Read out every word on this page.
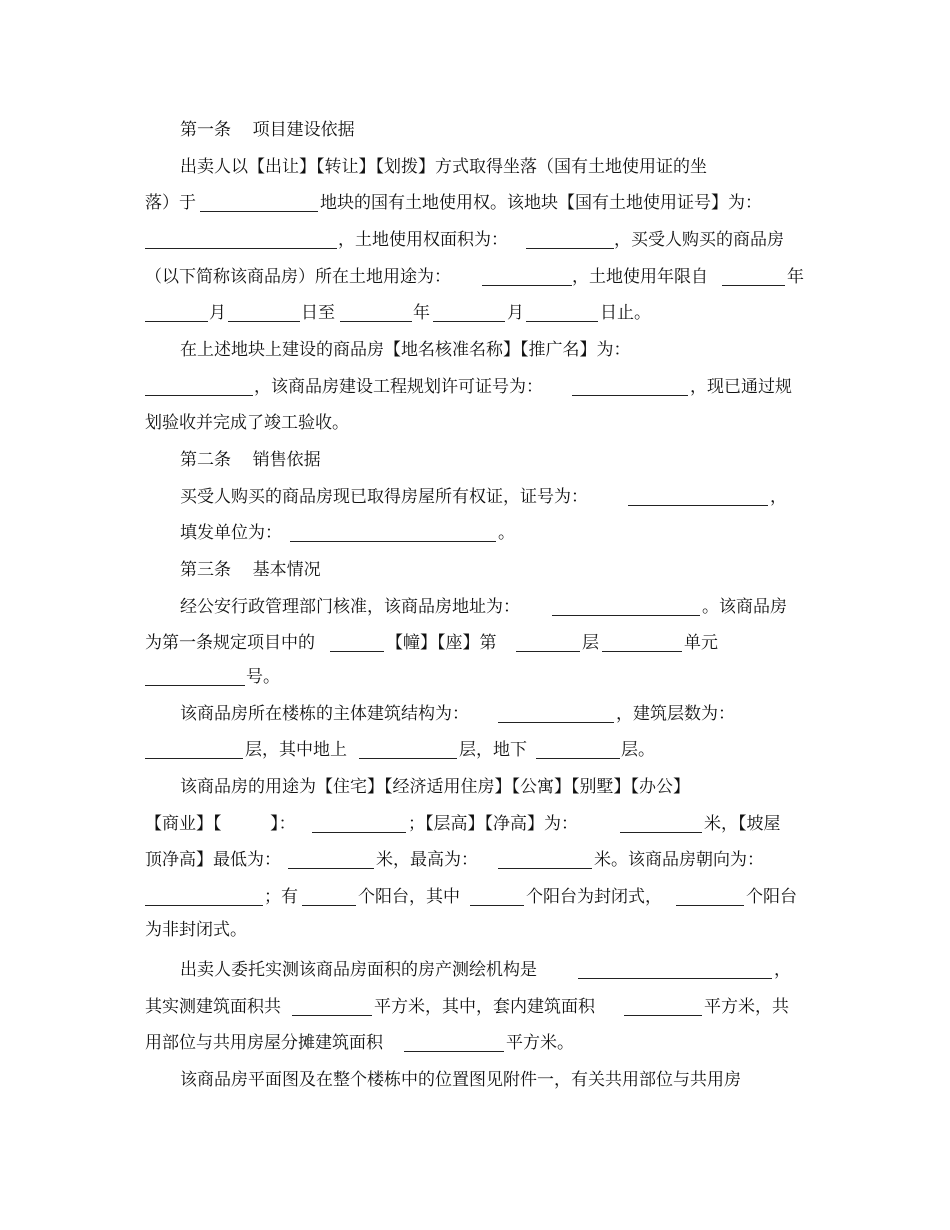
第一条    项目建设依据

出卖人以【出让】【转让】【划拨】方式取得坐落（国有土地使用证的坐

落）于

	地块的国有土地使用权。该地块【国有土地使用证号】为：

，土地使用权面积为：

	，买受人购买的商品房

（以下简称该商品房）所在土地用途为：

	，土地使用年限自

	年

月

	日至

	年

	月

	日止。

在上述地块上建设的商品房【地名核准名称】【推广名】为：

，该商品房建设工程规划许可证号为：

	，现已通过规

划验收并完成了竣工验收。

第二条    销售依据

买受人购买的商品房现已取得房屋所有权证，证号为：

	，

填发单位为：

	。

第三条    基本情况

经公安行政管理部门核准，该商品房地址为：

	。该商品房

为第一条规定项目中的

	【幢】【座】第

	层

	单元

号。

该商品房所在楼栋的主体建筑结构为：

	，建筑层数为：

层，其中地上

	层，地下

	层。

该商品房的用途为【住宅】【经济适用住房】【公寓】【别墅】【办公】

【商业】【         】：

	；【层高】【净高】为：

	米，【坡屋

顶净高】最低为：

	米，最高为：

	米。该商品房朝向为：

；有

	个阳台，其中

	个阳台为封闭式，

	个阳台

为非封闭式。

出卖人委托实测该商品房面积的房产测绘机构是

	，

其实测建筑面积共

	平方米，其中，套内建筑面积

	平方米，共

用部位与共用房屋分摊建筑面积

	平方米。

该商品房平面图及在整个楼栋中的位置图见附件一，有关共用部位与共用房
